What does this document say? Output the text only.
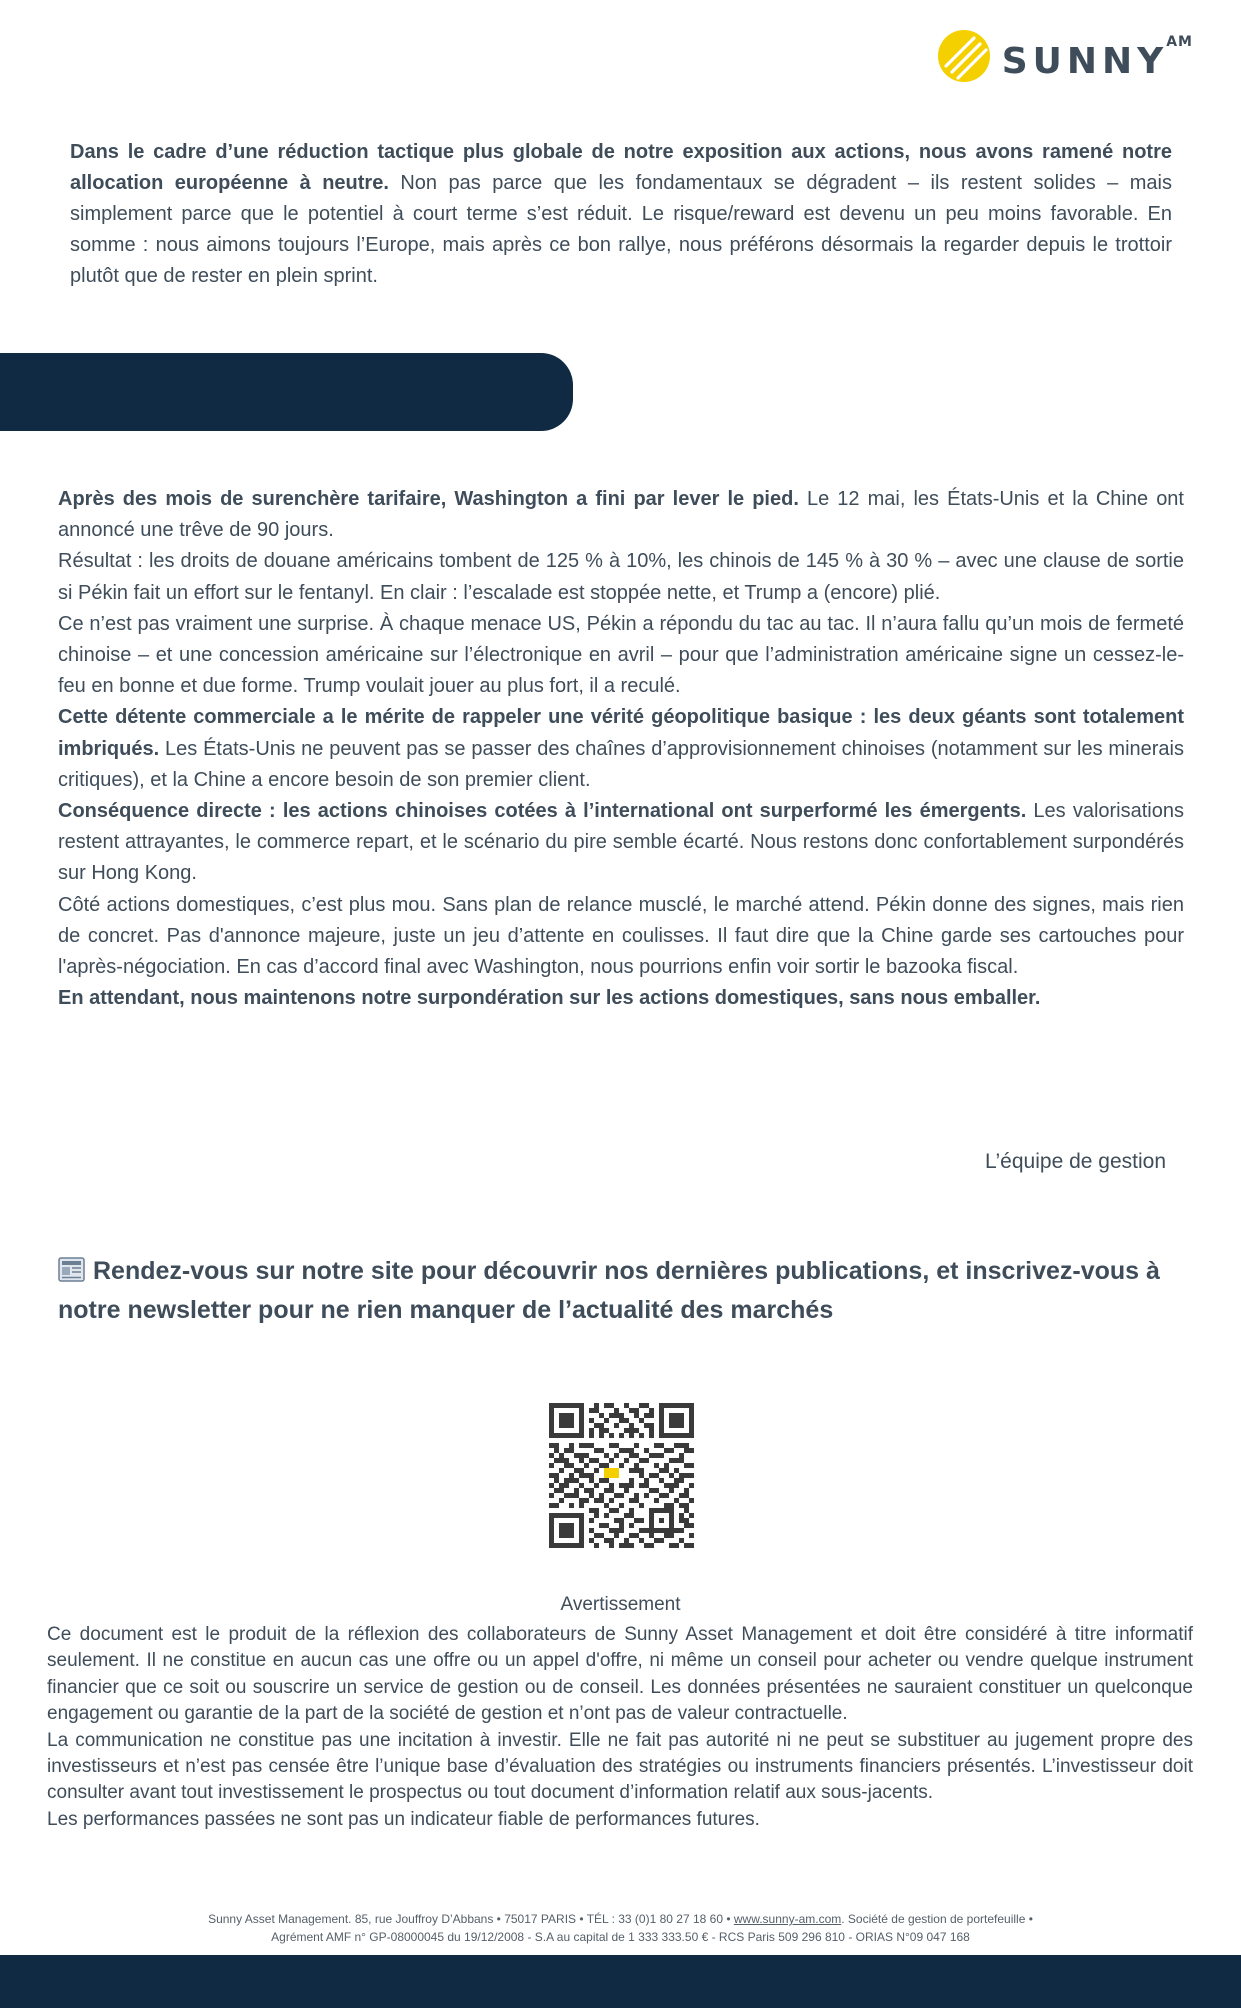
$SUNNY^{AM}$

Dans le cadre d’une réduction tactique plus globale de notre exposition aux actions, nous avons ramené notre allocation européenne à neutre. Non pas parce que les fondamentaux se dégradent – ils restent solides – mais simplement parce que le potentiel à court terme s’est réduit. Le risque/reward est devenu un peu moins favorable. En somme : nous aimons toujours l’Europe, mais après ce bon rallye, nous préférons désormais la regarder depuis le trottoir plutôt que de rester en plein sprint.

Marchés Emergents

Après des mois de surenchère tarifaire, Washington a fini par lever le pied. Le 12 mai, les États-Unis et la Chine ont annoncé une trêve de 90 jours.

Résultat : les droits de douane américains tombent de 125 % à 10%, les chinois de 145 % à 30 % – avec une clause de sortie si Pékin fait un effort sur le fentanyl. En clair : l’escalade est stoppée nette, et Trump a (encore) plié.

Ce n’est pas vraiment une surprise. À chaque menace US, Pékin a répondu du tac au tac. Il n’aura fallu qu’un mois de fermeté chinoise – et une concession américaine sur l’électronique en avril – pour que l’administration américaine signe un cessez-le-feu en bonne et due forme. Trump voulait jouer au plus fort, il a reculé.

Cette détente commerciale a le mérite de rappeler une vérité géopolitique basique : les deux géants sont totalement imbriqués. Les États-Unis ne peuvent pas se passer des chaînes d’approvisionnement chinoises (notamment sur les minerais critiques), et la Chine a encore besoin de son premier client.

Conséquence directe : les actions chinoises cotées à l’international ont surperformé les émergents. Les valorisations restent attrayantes, le commerce repart, et le scénario du pire semble écarté. Nous restons donc confortablement surpondérés sur Hong Kong.

Côté actions domestiques, c’est plus mou. Sans plan de relance musclé, le marché attend. Pékin donne des signes, mais rien de concret. Pas d'annonce majeure, juste un jeu d’attente en coulisses. Il faut dire que la Chine garde ses cartouches pour l'après-négociation. En cas d’accord final avec Washington, nous pourrions enfin voir sortir le bazooka fiscal.

En attendant, nous maintenons notre surpondération sur les actions domestiques, sans nous emballer.

L’équipe de gestion

Rendez-vous sur notre site pour découvrir nos dernières publications, et inscrivez-vous à notre newsletter pour ne rien manquer de l’actualité des marchés

Avertissement

Ce document est le produit de la réflexion des collaborateurs de Sunny Asset Management et doit être considéré à titre informatif seulement. Il ne constitue en aucun cas une offre ou un appel d'offre, ni même un conseil pour acheter ou vendre quelque instrument financier que ce soit ou souscrire un service de gestion ou de conseil. Les données présentées ne sauraient constituer un quelconque engagement ou garantie de la part de la société de gestion et n’ont pas de valeur contractuelle.

La communication ne constitue pas une incitation à investir. Elle ne fait pas autorité ni ne peut se substituer au jugement propre des investisseurs et n’est pas censée être l’unique base d’évaluation des stratégies ou instruments financiers présentés. L’investisseur doit consulter avant tout investissement le prospectus ou tout document d’information relatif aux sous-jacents.

Les performances passées ne sont pas un indicateur fiable de performances futures.

Sunny Asset Management. 85, rue Jouffroy D’Abbans • 75017 PARIS • TÉL : 33 (0)1 80 27 18 60 • www.sunny-am.com. Société de gestion de portefeuille •
Agrément AMF n° GP-08000045 du 19/12/2008 - S.A au capital de 1 333 333.50 € - RCS Paris 509 296 810 - ORIAS N°09 047 168
